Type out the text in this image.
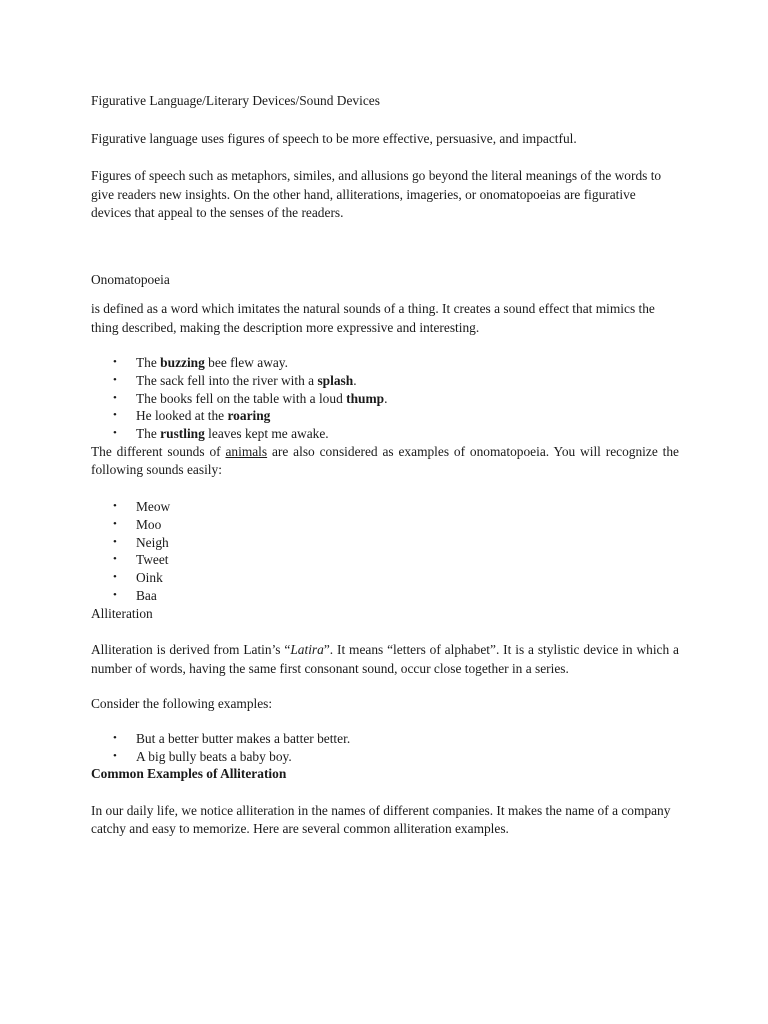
Figurative Language/Literary Devices/Sound Devices

Figurative language uses figures of speech to be more effective, persuasive, and impactful.

Figures of speech such as metaphors, similes, and allusions go beyond the literal meanings of the words to give readers new insights. On the other hand, alliterations, imageries, or onomatopoeias are figurative devices that appeal to the senses of the readers.

Onomatopoeia

is defined as a word which imitates the natural sounds of a thing. It creates a sound effect that mimics the thing described, making the description more expressive and interesting.

• The buzzing bee flew away.
• The sack fell into the river with a splash.
• The books fell on the table with a loud thump.
• He looked at the roaring
• The rustling leaves kept me awake.

The different sounds of animals are also considered as examples of onomatopoeia. You will recognize the following sounds easily:

• Meow
• Moo
• Neigh
• Tweet
• Oink
• Baa

Alliteration

Alliteration is derived from Latin’s “Latira”. It means “letters of alphabet”. It is a stylistic device in which a number of words, having the same first consonant sound, occur close together in a series.

Consider the following examples:

• But a better butter makes a batter better.
• A big bully beats a baby boy.

Common Examples of Alliteration

In our daily life, we notice alliteration in the names of different companies. It makes the name of a company catchy and easy to memorize. Here are several common alliteration examples.
